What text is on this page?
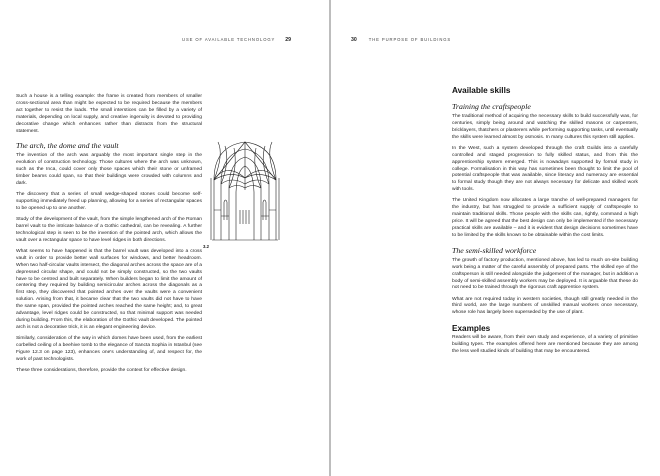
USE OF AVAILABLE TECHNOLOGY 29

Such a house is a telling example: the frame is created from members of smaller cross-sectional area than might be expected to be required because the members act together to resist the loads. The small interstices can be filled by a variety of materials, depending on local supply, and creative ingenuity is devoted to providing decorative change which enhances rather than distracts from the structural statement.

The arch, the dome and the vault

The invention of the arch was arguably the most important single step in the evolution of construction technology. Those cultures where the arch was unknown, such as the Inca, could cover only those spaces which their stone or unframed timber beams could span, so that their buildings were crowded with columns and dark.

The discovery that a series of small wedge-shaped stones could become self-supporting immediately freed up planning, allowing for a series of rectangular spaces to be opened up to one another.

Study of the development of the vault, from the simple lengthened arch of the Roman barrel vault to the intricate balance of a Gothic cathedral, can be revealing. A further technological step is seen to be the invention of the pointed arch, which allows the vault over a rectangular space to have level ridges in both directions.

What seems to have happened is that the barrel vault was developed into a cross vault in order to provide better wall surfaces for windows, and better headroom. When two half-circular vaults intersect, the diagonal arches across the space are of a depressed circular shape, and could not be simply constructed, so the two vaults have to be centred and built separately. When builders began to limit the amount of centering they required by building semicircular arches across the diagonals as a first step, they discovered that pointed arches over the vaults were a convenient solution. Arising from that, it became clear that the two vaults did not have to have the same span, provided the pointed arches reached the same height; and, to great advantage, level ridges could be constructed, so that minimal support was needed during building. From this, the elaboration of the Gothic vault developed. The pointed arch is not a decorative trick, it is an elegant engineering device.

Similarly, consideration of the way in which domes have been used, from the earliest corbelled ceiling of a beehive tomb to the elegance of Sancta Sophia in Istanbul (see Figure 12.3 on page 123), enhances one's understanding of, and respect for, the work of past technologists.

These three considerations, therefore, provide the context for effective design.

3.2
30	THE PURPOSE OF BUILDINGS
Available skills
Training the craftspeople

The traditional method of acquiring the necessary skills to build successfully was, for centuries, simply being around and watching the skilled masons or carpenters, bricklayers, thatchers or plasterers while performing supporting tasks, until eventually the skills were learned almost by osmosis. In many cultures this system still applies.

In the West, such a system developed through the craft Guilds into a carefully controlled and staged progression to fully skilled status, and from this the apprenticeship system emerged. This is nowadays supported by formal study in college. Formalisation in this way has sometimes been thought to limit the pool of potential craftspeople that was available, since literacy and numeracy are essential to formal study though they are not always necessary for delicate and skilled work with tools.

The United Kingdom now allocates a large tranche of well-prepared managers for the industry, but has struggled to provide a sufficient supply of craftspeople to maintain traditional skills. Those people with the skills can, rightly, command a high price. It will be agreed that the best design can only be implemented if the necessary practical skills are available – and it is evident that design decisions sometimes have to be limited by the skills known to be obtainable within the cost limits.

The semi-skilled workforce

The growth of factory production, mentioned above, has led to much on-site building work being a matter of the careful assembly of prepared parts. The skilled eye of the craftsperson is still needed alongside the judgement of the manager, but in addition a body of semi-skilled assembly workers may be deployed. It is arguable that these do not need to be trained through the rigorous craft apprentice system.

What are not required today in western societies, though still greatly needed in the third world, are the large numbers of unskilled manual workers once necessary, whose role has largely been superseded by the use of plant.

Examples

Readers will be aware, from their own study and experience, of a variety of primitive building types. The examples offered here are mentioned because they are among the less well studied kinds of building that may be encountered.
